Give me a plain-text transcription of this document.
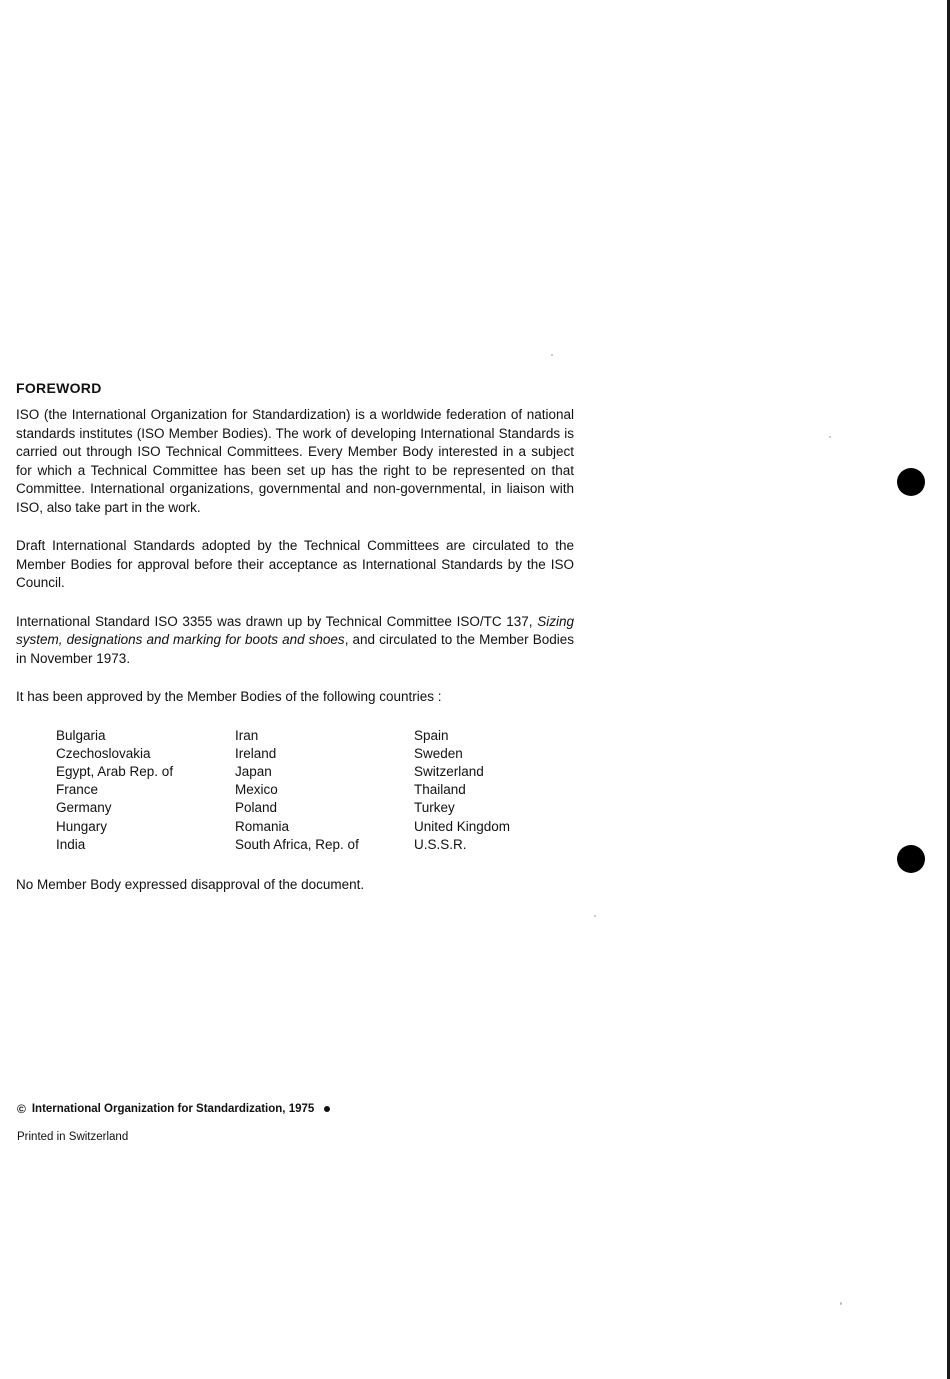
FOREWORD

ISO (the International Organization for Standardization) is a worldwide federation of national standards institutes (ISO Member Bodies). The work of developing International Standards is carried out through ISO Technical Committees. Every Member Body interested in a subject for which a Technical Committee has been set up has the right to be represented on that Committee. International organizations, governmental and non-governmental, in liaison with ISO, also take part in the work.

Draft International Standards adopted by the Technical Committees are circulated to the Member Bodies for approval before their acceptance as International Standards by the ISO Council.

International Standard ISO 3355 was drawn up by Technical Committee ISO/TC 137, Sizing system, designations and marking for boots and shoes, and circulated to the Member Bodies in November 1973.

It has been approved by the Member Bodies of the following countries :

Bulgaria
Czechoslovakia
Egypt, Arab Rep. of
France
Germany
Hungary
India
Iran
Ireland
Japan
Mexico
Poland
Romania
South Africa, Rep. of
Spain
Sweden
Switzerland
Thailand
Turkey
United Kingdom
U.S.S.R.

No Member Body expressed disapproval of the document.

© International Organization for Standardization, 1975
Printed in Switzerland
